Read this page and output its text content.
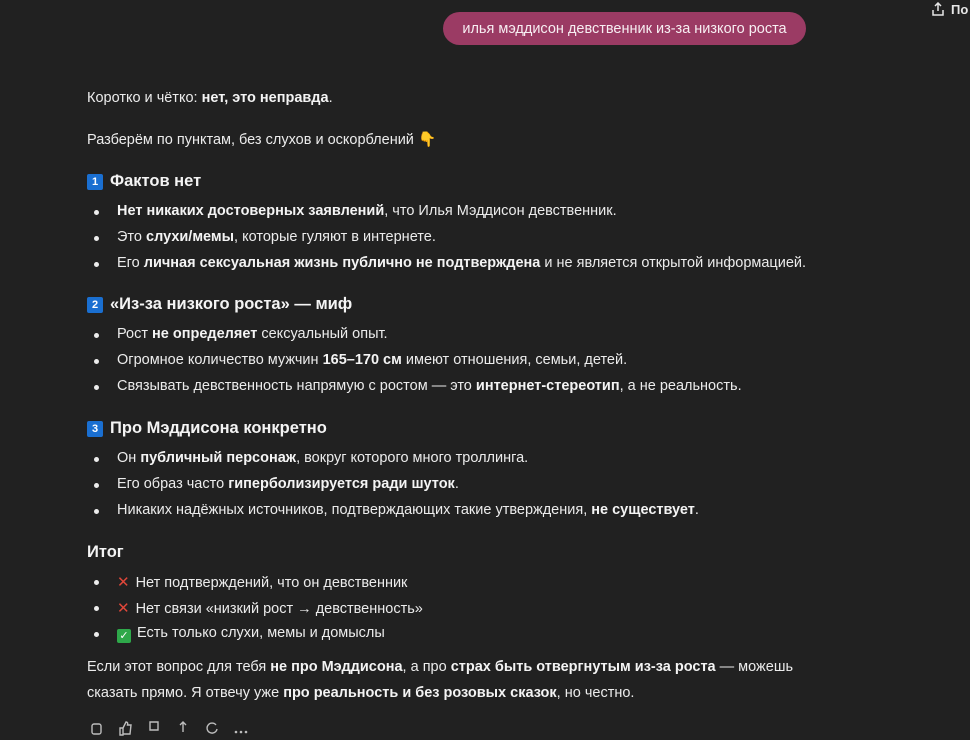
По
илья мэддисон девственник из-за низкого роста
Коротко и чётко: нет, это неправда.
Разберём по пунктам, без слухов и оскорблений 👇
1 Фактов нет
Нет никаких достоверных заявлений, что Илья Мэддисон девственник.
Это слухи/мемы, которые гуляют в интернете.
Его личная сексуальная жизнь публично не подтверждена и не является открытой информацией.
2 «Из-за низкого роста» — миф
Рост не определяет сексуальный опыт.
Огромное количество мужчин 165–170 см имеют отношения, семьи, детей.
Связывать девственность напрямую с ростом — это интернет-стереотип, а не реальность.
3 Про Мэддисона конкретно
Он публичный персонаж, вокруг которого много троллинга.
Его образ часто гиперболизируется ради шуток.
Никаких надёжных источников, подтверждающих такие утверждения, не существует.
Итог
✕ Нет подтверждений, что он девственник
✕ Нет связи «низкий рост → девственность»
✓ Есть только слухи, мемы и домыслы
Если этот вопрос для тебя не про Мэддисона, а про страх быть отвергнутым из-за роста — можешь
сказать прямо. Я отвечу уже про реальность и без розовых сказок, но честно.
